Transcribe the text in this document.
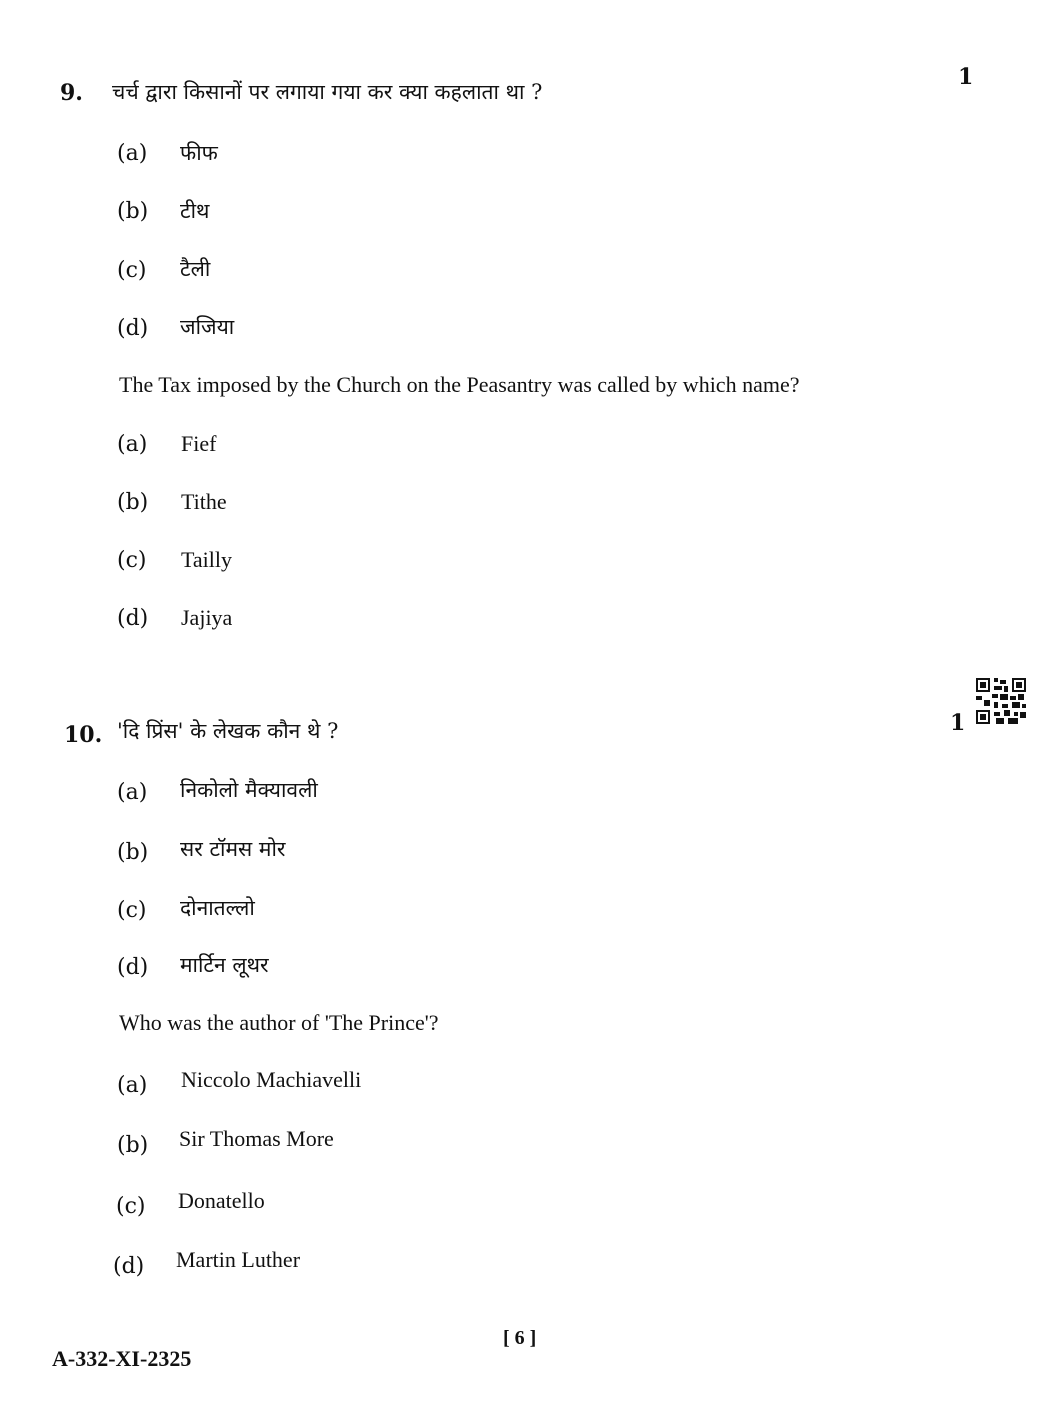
9. चर्च द्वारा किसानों पर लगाया गया कर क्या कहलाता था ?
1
(a) फीफ
(b) टीथ
(c) टैली
(d) जजिया
The Tax imposed by the Church on the Peasantry was called by which name?
(a) Fief
(b) Tithe
(c) Tailly
(d) Jajiya
10. 'दि प्रिंस' के लेखक कौन थे ?	1
(a) निकोलो मैक्यावली
(b) सर टॉमस मोर
(c) दोनातल्लो
(d) मार्टिन लूथर
Who was the author of 'The Prince'?
(a) Niccolo Machiavelli
(b) Sir Thomas More
(c) Donatello
(d) Martin Luther
[ 6 ]
A-332-XI-2325
